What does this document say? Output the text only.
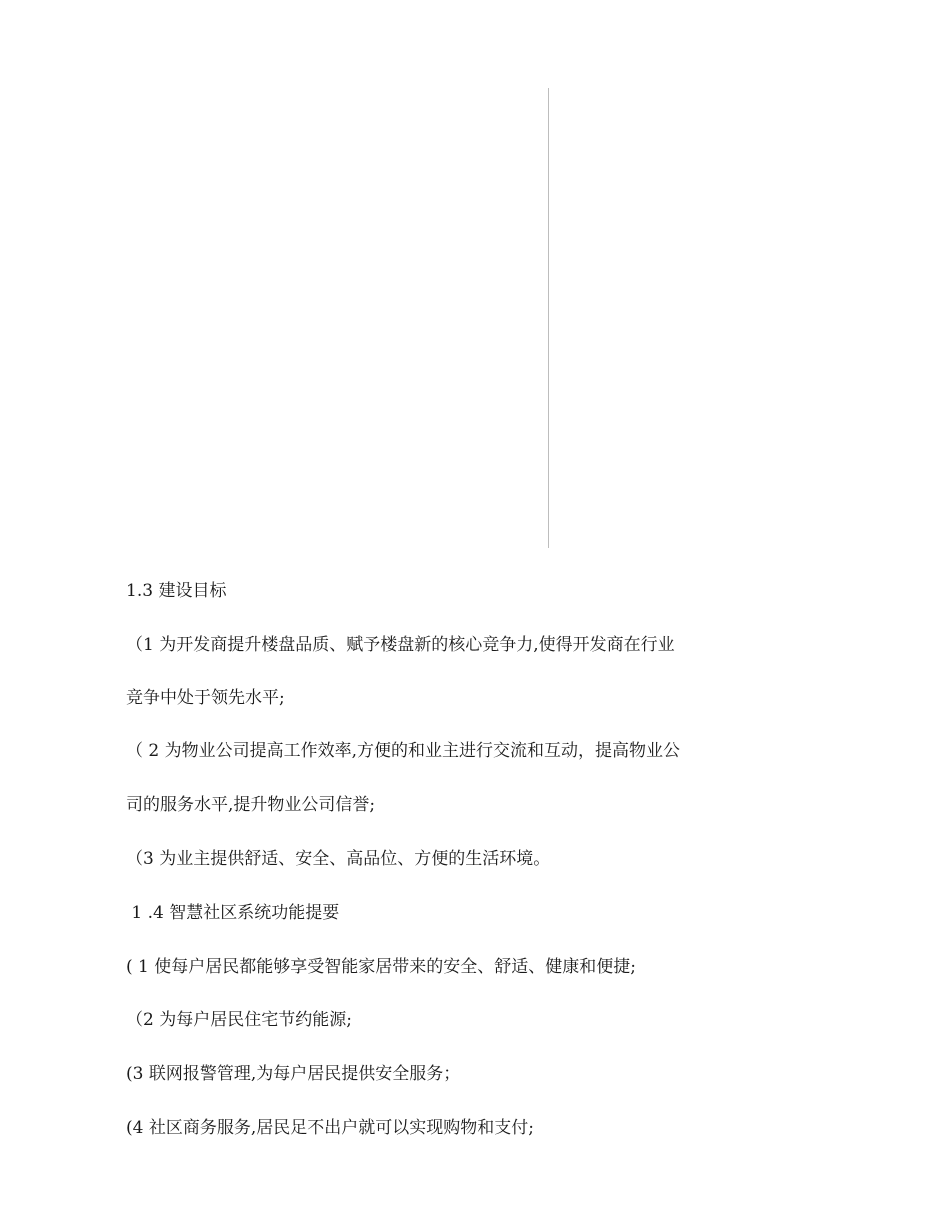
1.3 建设目标
（1 为开发商提升楼盘品质、赋予楼盘新的核心竞争力,使得开发商在行业
竞争中处于领先水平;
（ 2 为物业公司提高工作效率,方便的和业主进行交流和互动，提高物业公
司的服务水平,提升物业公司信誉;
（3 为业主提供舒适、安全、高品位、方便的生活环境。
1 .4 智慧社区系统功能提要
( 1 使每户居民都能够享受智能家居带来的安全、舒适、健康和便捷;
（2 为每户居民住宅节约能源;
(3 联网报警管理,为每户居民提供安全服务；
(4 社区商务服务,居民足不出户就可以实现购物和支付;
